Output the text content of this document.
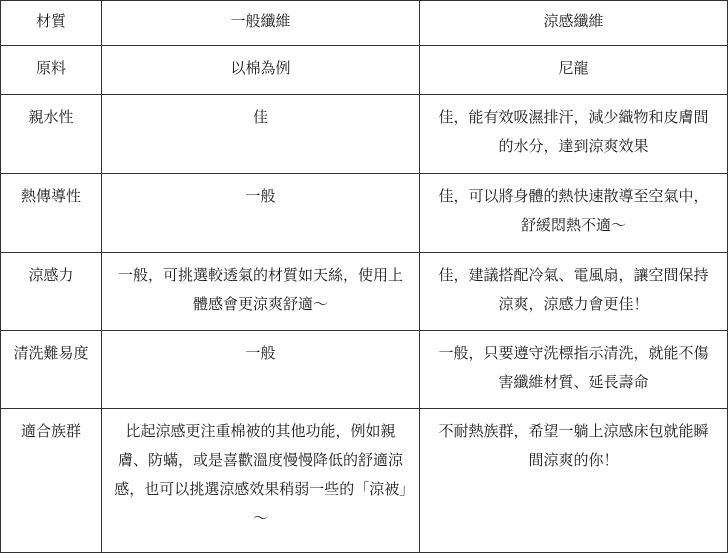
材質	一般纖維	涼感纖維
原料	以棉為例	尼龍
親水性	佳	佳，能有效吸濕排汗，減少織物和皮膚間的水分，達到涼爽效果
熱傳導性	一般	佳，可以將身體的熱快速散導至空氣中，舒緩悶熱不適～
涼感力	一般，可挑選較透氣的材質如天絲，使用上體感會更涼爽舒適～	佳，建議搭配冷氣、電風扇，讓空間保持涼爽，涼感力會更佳！
清洗難易度	一般	一般，只要遵守洗標指示清洗，就能不傷害纖維材質、延長壽命
適合族群	比起涼感更注重棉被的其他功能，例如親膚、防蟎，或是喜歡溫度慢慢降低的舒適涼感，也可以挑選涼感效果稍弱一些的「涼被」～	不耐熱族群，希望一躺上涼感床包就能瞬間涼爽的你！
